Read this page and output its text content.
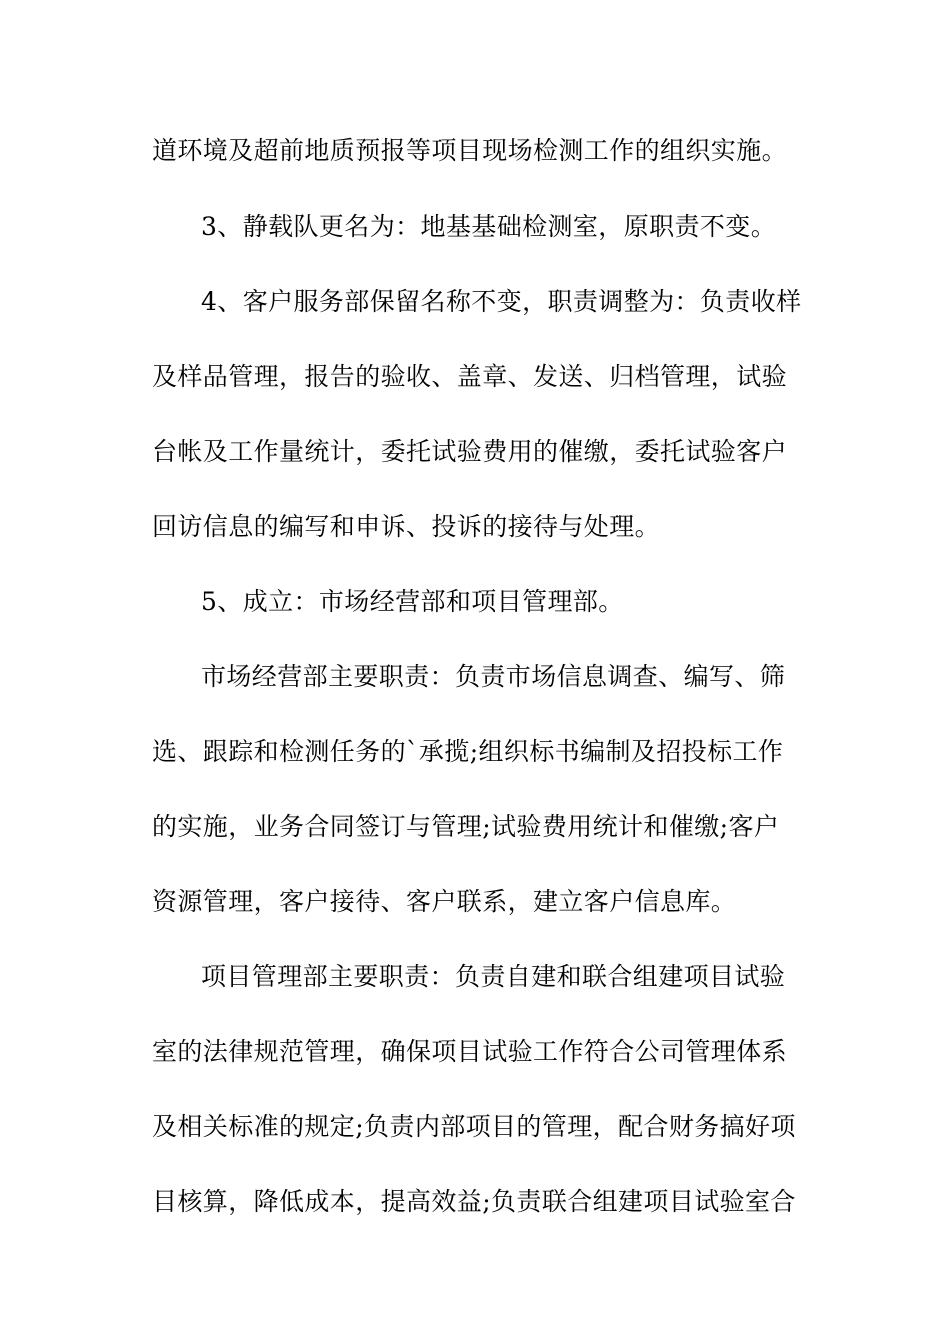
道环境及超前地质预报等项目现场检测工作的组织实施。
3、静载队更名为：地基基础检测室，原职责不变。
4、客户服务部保留名称不变，职责调整为：负责收样
及样品管理，报告的验收、盖章、发送、归档管理，试验
台帐及工作量统计，委托试验费用的催缴，委托试验客户
回访信息的编写和申诉、投诉的接待与处理。
5、成立：市场经营部和项目管理部。
市场经营部主要职责：负责市场信息调查、编写、筛
选、跟踪和检测任务的`承揽;组织标书编制及招投标工作
的实施，业务合同签订与管理;试验费用统计和催缴;客户
资源管理，客户接待、客户联系，建立客户信息库。
项目管理部主要职责：负责自建和联合组建项目试验
室的法律规范管理，确保项目试验工作符合公司管理体系
及相关标准的规定;负责内部项目的管理，配合财务搞好项
目核算，降低成本，提高效益;负责联合组建项目试验室合
